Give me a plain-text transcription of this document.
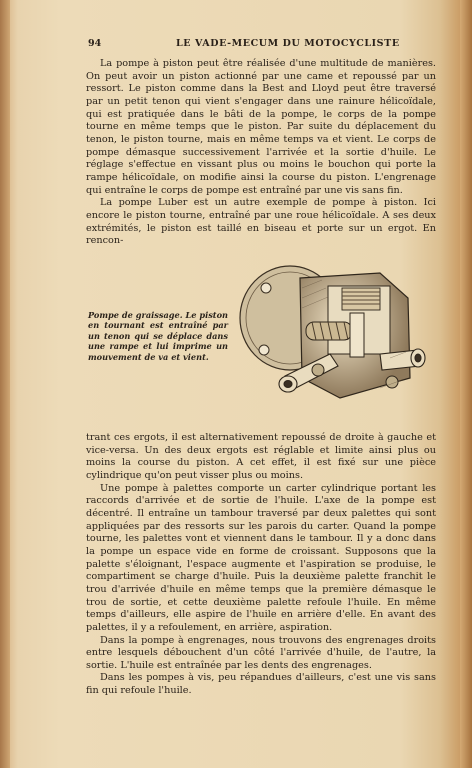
94	LE VADE-MECUM DU MOTOCYCLISTE

La pompe à piston peut être réalisée d'une multitude de manières. On peut avoir un piston actionné par une came et repoussé par un ressort. Le piston comme dans la Best and Lloyd peut être traversé par un petit tenon qui vient s'engager dans une rainure hélicoïdale, qui est pratiquée dans le bâti de la pompe, le corps de la pompe tourne en même temps que le piston. Par suite du déplacement du tenon, le piston tourne, mais en même temps va et vient. Le corps de pompe démasque successivement l'arrivée et la sortie d'huile. Le réglage s'effectue en vissant plus ou moins le bouchon qui porte la rampe hélicoïdale, on modifie ainsi la course du piston. L'engrenage qui entraîne le corps de pompe est entraîné par une vis sans fin.

La pompe Luber est un autre exemple de pompe à piston. Ici encore le piston tourne, entraîné par une roue hélicoïdale. A ses deux extrémités, le piston est taillé en biseau et porte sur un ergot. En rencon-

Pompe de graissage. Le piston en tournant est entraîné par un tenon qui se déplace dans une rampe et lui imprime un mouvement de va et vient.

trant ces ergots, il est alternativement repoussé de droite à gauche et vice-versa. Un des deux ergots est réglable et limite ainsi plus ou moins la course du piston. A cet effet, il est fixé sur une pièce cylindrique qu'on peut visser plus ou moins.

Une pompe à palettes comporte un carter cylindrique portant les raccords d'arrivée et de sortie de l'huile. L'axe de la pompe est décentré. Il entraîne un tambour traversé par deux palettes qui sont appliquées par des ressorts sur les parois du carter. Quand la pompe tourne, les palettes vont et viennent dans le tambour. Il y a donc dans la pompe un espace vide en forme de croissant. Supposons que la palette s'éloignant, l'espace augmente et l'aspiration se produise, le compartiment se charge d'huile. Puis la deuxième palette franchit le trou d'arrivée d'huile en même temps que la première démasque le trou de sortie, et cette deuxième palette refoule l'huile. En même temps d'ailleurs, elle aspire de l'huile en arrière d'elle. En avant des palettes, il y a refoulement, en arrière, aspiration.

Dans la pompe à engrenages, nous trouvons des engrenages droits entre lesquels débouchent d'un côté l'arrivée d'huile, de l'autre, la sortie. L'huile est entraînée par les dents des engrenages.

Dans les pompes à vis, peu répandues d'ailleurs, c'est une vis sans fin qui refoule l'huile.
